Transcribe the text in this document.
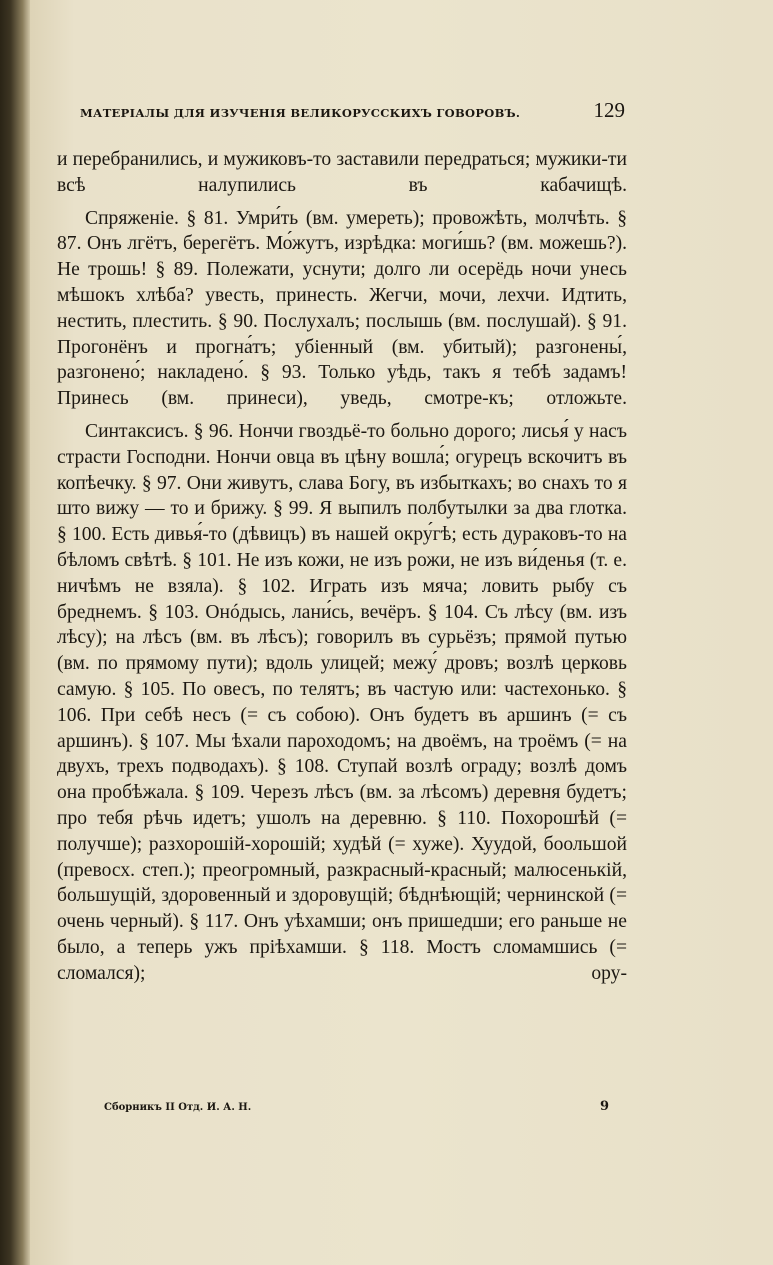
МАТЕРІАЛЫ ДЛЯ ИЗУЧЕНІЯ ВЕЛИКОРУССКИХЪ ГОВОРОВЪ.	129

и перебранились, и мужиковъ-то заставили передраться; мужики-ти всѣ налупились въ кабачищѣ.

Спряженіе. § 81. Умри́ть (вм. умереть); провожѣть, молчѣть. § 87. Онъ лгётъ, берегётъ. Мо́жутъ, изрѣдка: моги́шь? (вм. можешь?). Не трошь! § 89. Полежати, уснути; долго ли осерёдь ночи унесь мѣшокъ хлѣба? увесть, принесть. Жегчи, мочи, лехчи. Идтить, нестить, плестить. § 90. Послухалъ; послышь (вм. послушай). § 91. Прогонёнъ и прогна́тъ; убіенный (вм. убитый); разгонены́, разгонено́; накладено́. § 93. Только уѣдь, такъ я тебѣ задамъ! Принесь (вм. принеси), уведь, смотре-къ; отложьте.

Синтаксисъ. § 96. Нончи гвоздьё-то больно дорого; лисья́ у насъ страсти Господни. Нончи овца въ цѣну вошла́; огурецъ вскочитъ въ копѣечку. § 97. Они живутъ, слава Богу, въ избыткахъ; во снахъ то я што вижу — то и брижу. § 99. Я выпилъ полбутылки за два глотка. § 100. Есть дивья́-то (дѣвицъ) въ нашей окру́гѣ; есть дураковъ-то на бѣломъ свѣтѣ. § 101. Не изъ кожи, не изъ рожи, не изъ ви́денья (т. е. ничѣмъ не взяла). § 102. Играть изъ мяча; ловить рыбу съ бреднемъ. § 103. Онóдысь, лани́сь, вечёръ. § 104. Съ лѣсу (вм. изъ лѣсу); на лѣсъ (вм. въ лѣсъ); говорилъ въ сурьёзъ; прямой путью (вм. по прямому пути); вдоль улицей; межу́ дровъ; возлѣ церковь самую. § 105. По овесъ, по телятъ; въ частую или: частехонько. § 106. При себѣ несъ (= съ собою). Онъ будетъ въ аршинъ (= съ аршинъ). § 107. Мы ѣхали пароходомъ; на двоёмъ, на троёмъ (= на двухъ, трехъ подводахъ). § 108. Ступай возлѣ ограду; возлѣ домъ она пробѣжала. § 109. Черезъ лѣсъ (вм. за лѣсомъ) деревня будетъ; про тебя рѣчь идетъ; ушолъ на деревню. § 110. Похорошѣй (= получше); разхорошій-хорошій; худѣй (= хуже). Хуудой, боольшой (превосх. степ.); преогромный, разкрасный-красный; малюсенькій, большущій, здоровенный и здоровущій; бѣднѣющій; чернинской (= очень черный). § 117. Онъ уѣхамши; онъ пришедши; его раньше не было, а теперь ужъ пріѣхамши. § 118. Мостъ сломамшись (= сломался); ору-

Сборникъ II Отд. И. А. Н.	9
